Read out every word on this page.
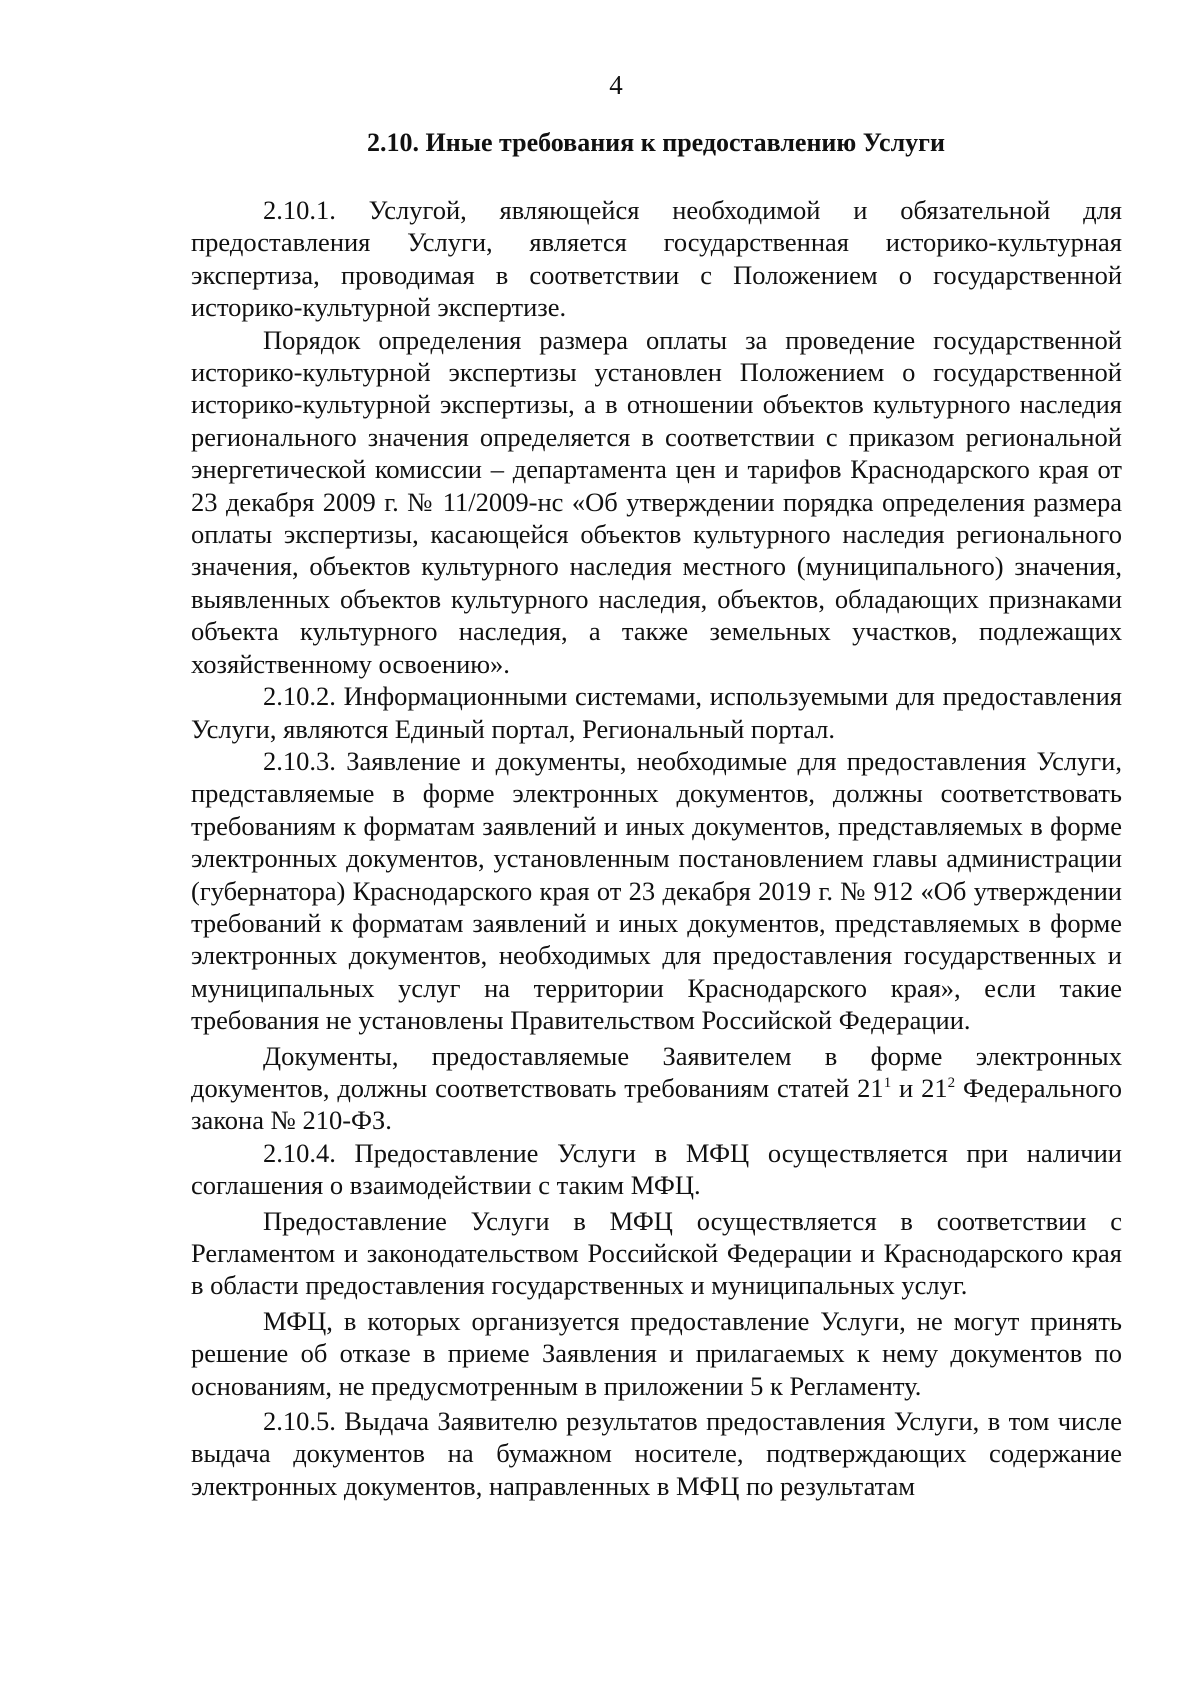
4
2.10. Иные требования к предоставлению Услуги

2.10.1. Услугой, являющейся необходимой и обязательной для предоставления Услуги, является государственная историко-культурная экспертиза, проводимая в соответствии с Положением о государственной историко-культурной экспертизе.

Порядок определения размера оплаты за проведение государственной историко-культурной экспертизы установлен Положением о государственной историко-культурной экспертизы, а в отношении объектов культурного наследия регионального значения определяется в соответствии с приказом региональной энергетической комиссии – департамента цен и тарифов Краснодарского края от 23 декабря 2009 г. № 11/2009-нс «Об утверждении порядка определения размера оплаты экспертизы, касающейся объектов культурного наследия регионального значения, объектов культурного наследия местного (муниципального) значения, выявленных объектов культурного наследия, объектов, обладающих признаками объекта культурного наследия, а также земельных участков, подлежащих хозяйственному освоению».

2.10.2. Информационными системами, используемыми для предоставления Услуги, являются Единый портал, Региональный портал.

2.10.3. Заявление и документы, необходимые для предоставления Услуги, представляемые в форме электронных документов, должны соответствовать требованиям к форматам заявлений и иных документов, представляемых в форме электронных документов, установленным постановлением главы администрации (губернатора) Краснодарского края от 23 декабря 2019 г. № 912 «Об утверждении требований к форматам заявлений и иных документов, представляемых в форме электронных документов, необходимых для предоставления государственных и муниципальных услуг на территории Краснодарского края», если такие требования не установлены Правительством Российской Федерации.

Документы, предоставляемые Заявителем в форме электронных документов, должны соответствовать требованиям статей $21^1$ и $21^2$ Федерального закона № 210-ФЗ.

2.10.4. Предоставление Услуги в МФЦ осуществляется при наличии соглашения о взаимодействии с таким МФЦ.

Предоставление Услуги в МФЦ осуществляется в соответствии с Регламентом и законодательством Российской Федерации и Краснодарского края в области предоставления государственных и муниципальных услуг.

МФЦ, в которых организуется предоставление Услуги, не могут принять решение об отказе в приеме Заявления и прилагаемых к нему документов по основаниям, не предусмотренным в приложении 5 к Регламенту.

2.10.5. Выдача Заявителю результатов предоставления Услуги, в том числе выдача документов на бумажном носителе, подтверждающих содержание электронных документов, направленных в МФЦ по результатам
